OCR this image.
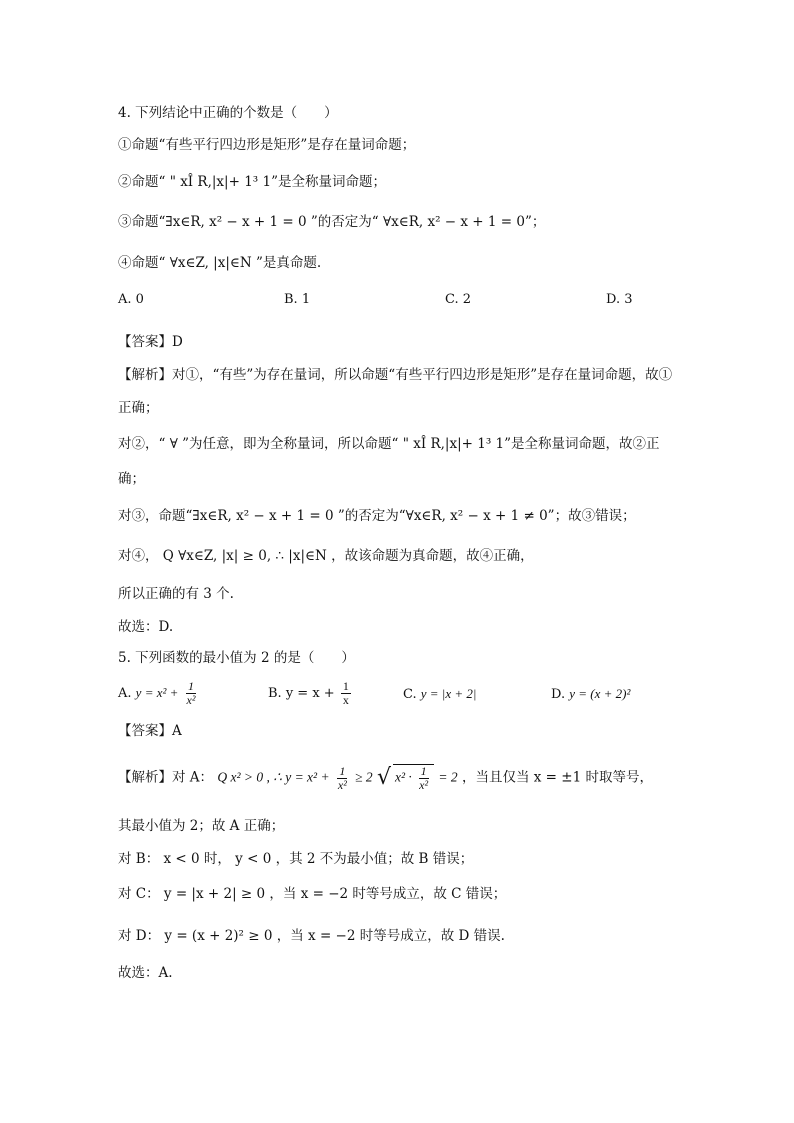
4. 下列结论中正确的个数是（　　）
①命题“有些平行四边形是矩形”是存在量词命题；
②命题“ " xÎ R,|x|+ 1³ 1”是全称量词命题；
③命题“∃x∈R, x² − x + 1 = 0 ”的否定为“ ∀x∈R, x² − x + 1 = 0”；
④命题“ ∀x∈Z, |x|∈N ”是真命题.
A. 0	B. 1	C. 2	D. 3
【答案】D
【解析】对①，“有些”为存在量词，所以命题“有些平行四边形是矩形”是存在量词命题，故①
正确；
对②，“ ∀ ”为任意，即为全称量词，所以命题“ " xÎ R,|x|+ 1³ 1”是全称量词命题，故②正
确；
对③，命题“∃x∈R, x² − x + 1 = 0 ”的否定为“∀x∈R, x² − x + 1 ≠ 0”；故③错误；
对④， Q ∀x∈Z, |x| ≥ 0, ∴ |x|∈N ，故该命题为真命题，故④正确，
所以正确的有 3 个.
故选：D.
5. 下列函数的最小值为 2 的是（　　）
A. $y = x^2 + \frac{1}{\text{x²}}$	B. $y = x + \frac{1}{x}$	C. y = |x + 2|	D. y = (x + 2)²
【答案】A
【解析】对 A： Q x² > 0 , ∴ $y = x^2 + \frac{1}{\text{x²}} \ge 2$ √ $x^2 \cdot \frac{1}{\text{x²}} = 2$ ，当且仅当 x = ±1 时取等号，
其最小值为 2；故 A 正确；
对 B： x < 0 时， y < 0 ，其 2 不为最小值；故 B 错误；
对 C： y = |x + 2| ≥ 0 ，当 x = −2 时等号成立，故 C 错误；
对 D： y = (x + 2)² ≥ 0 ，当 x = −2 时等号成立，故 D 错误.
故选：A.
